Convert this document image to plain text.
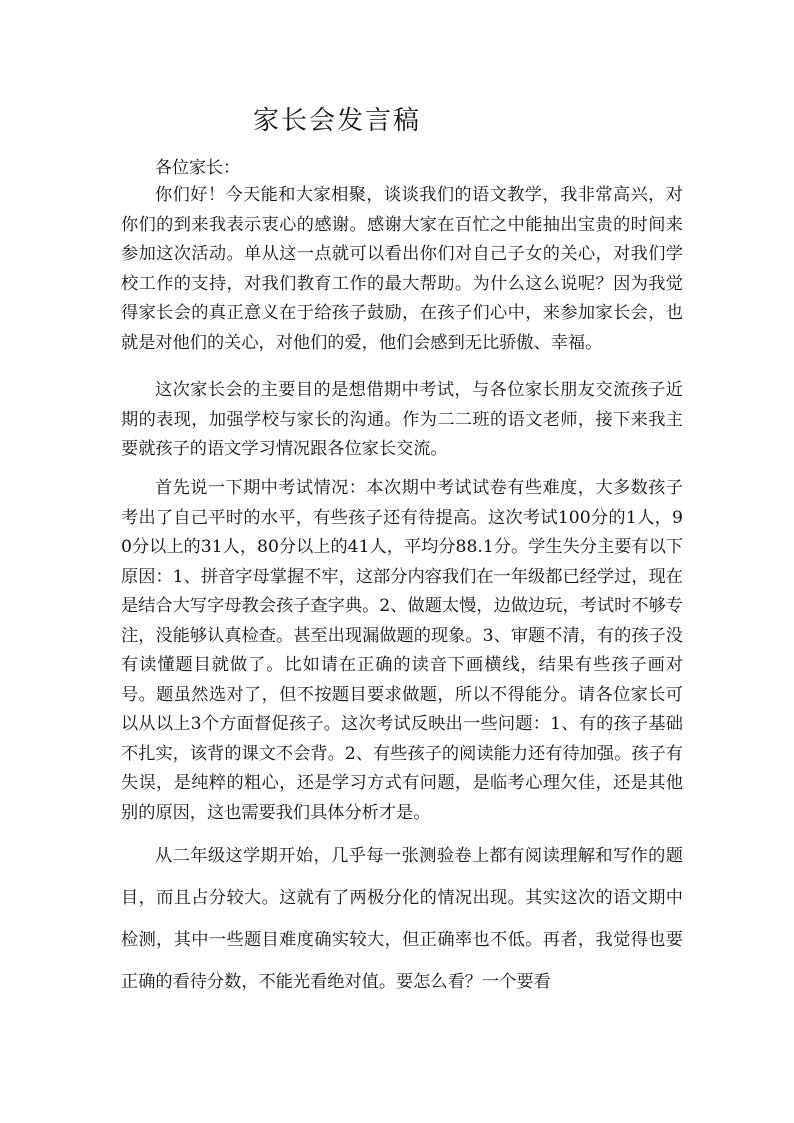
家长会发言稿
各位家长：

你们好！今天能和大家相聚，谈谈我们的语文教学，我非常高兴，对你们的到来我表示衷心的感谢。感谢大家在百忙之中能抽出宝贵的时间来参加这次活动。单从这一点就可以看出你们对自己子女的关心，对我们学校工作的支持，对我们教育工作的最大帮助。为什么这么说呢？因为我觉得家长会的真正意义在于给孩子鼓励，在孩子们心中，来参加家长会，也就是对他们的关心，对他们的爱，他们会感到无比骄傲、幸福。

这次家长会的主要目的是想借期中考试，与各位家长朋友交流孩子近期的表现，加强学校与家长的沟通。作为二二班的语文老师，接下来我主要就孩子的语文学习情况跟各位家长交流。

首先说一下期中考试情况：本次期中考试试卷有些难度，大多数孩子考出了自己平时的水平，有些孩子还有待提高。这次考试100分的1人，90分以上的31人，80分以上的41人，平均分88.1分。学生失分主要有以下原因：1、拼音字母掌握不牢，这部分内容我们在一年级都已经学过，现在是结合大写字母教会孩子查字典。2、做题太慢，边做边玩，考试时不够专注，没能够认真检查。甚至出现漏做题的现象。3、审题不清，有的孩子没有读懂题目就做了。比如请在正确的读音下画横线，结果有些孩子画对号。题虽然选对了，但不按题目要求做题，所以不得能分。请各位家长可以从以上3个方面督促孩子。这次考试反映出一些问题：1、有的孩子基础不扎实，该背的课文不会背。2、有些孩子的阅读能力还有待加强。孩子有失误，是纯粹的粗心，还是学习方式有问题，是临考心理欠佳，还是其他别的原因，这也需要我们具体分析才是。

从二年级这学期开始，几乎每一张测验卷上都有阅读理解和写作的题目，而且占分较大。这就有了两极分化的情况出现。其实这次的语文期中检测，其中一些题目难度确实较大，但正确率也不低。再者，我觉得也要正确的看待分数，不能光看绝对值。要怎么看？一个要看
